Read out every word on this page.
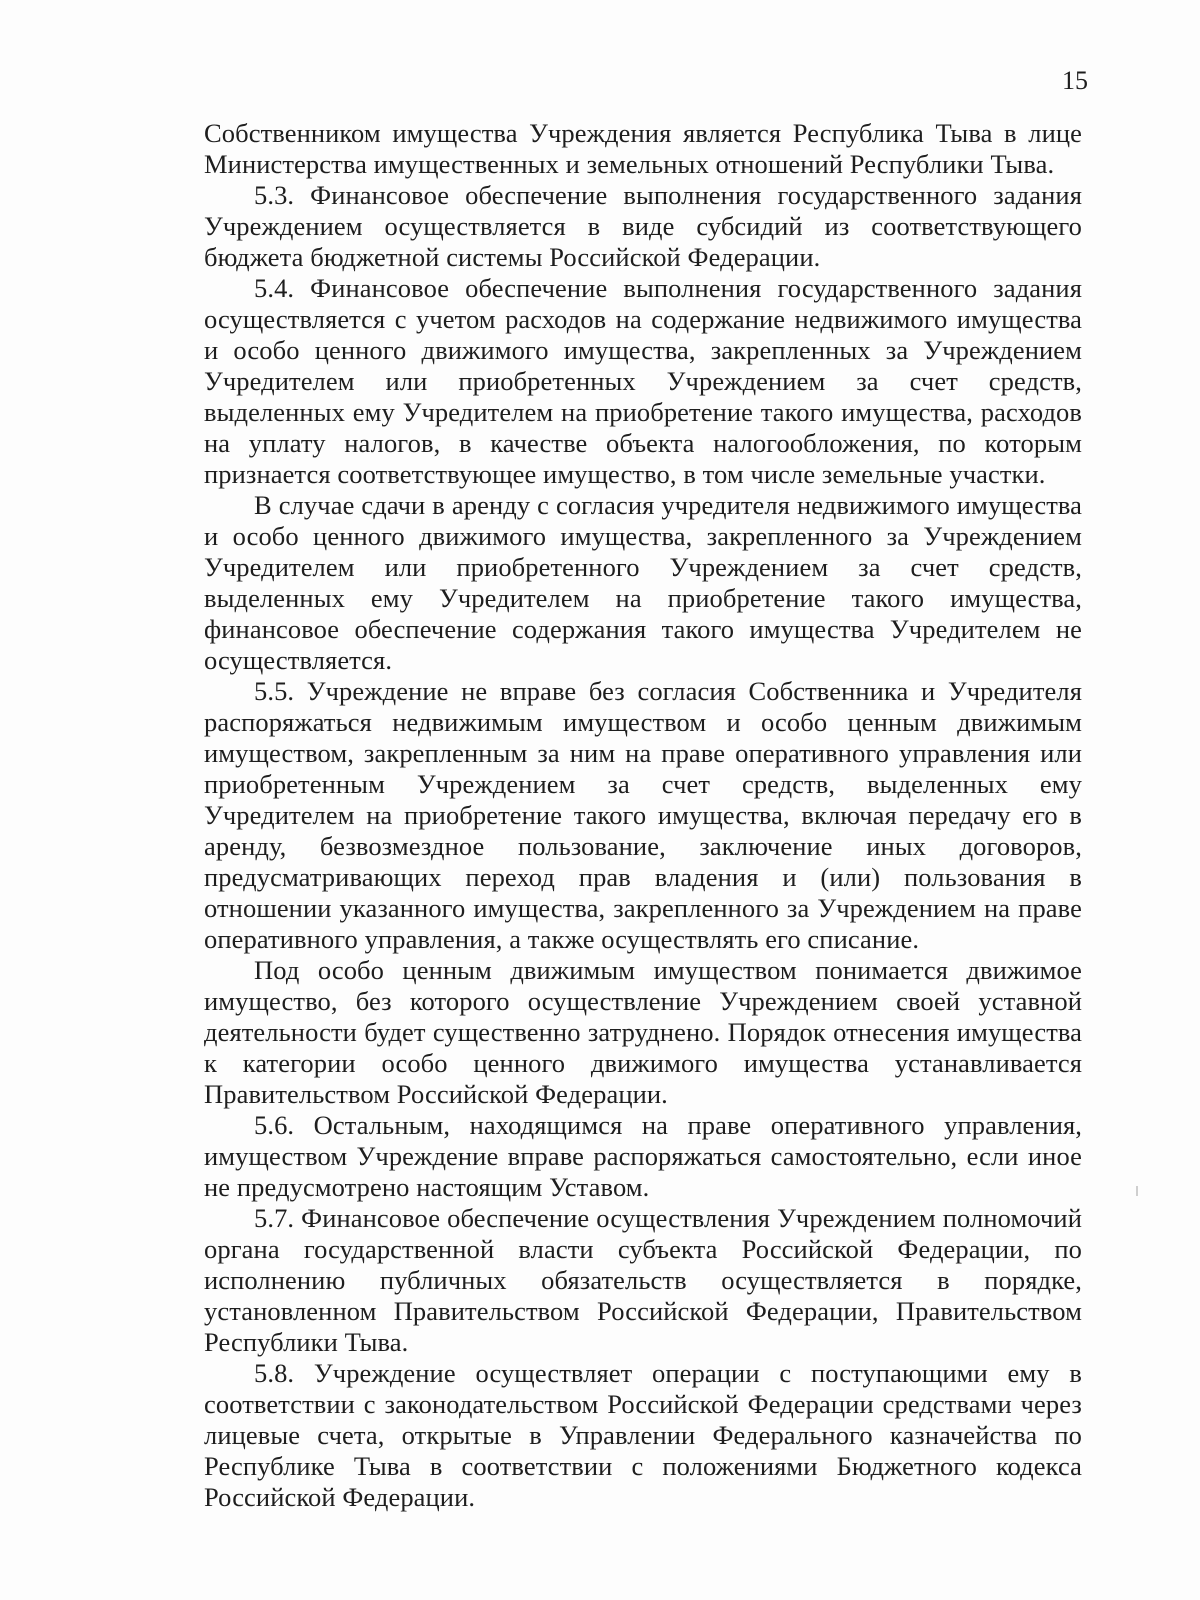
15

Собственником имущества Учреждения является Республика Тыва в лице Министерства имущественных и земельных отношений Республики Тыва.

5.3. Финансовое обеспечение выполнения государственного задания Учреждением осуществляется в виде субсидий из соответствующего бюджета бюджетной системы Российской Федерации.

5.4. Финансовое обеспечение выполнения государственного задания осуществляется с учетом расходов на содержание недвижимого имущества и особо ценного движимого имущества, закрепленных за Учреждением Учредителем или приобретенных Учреждением за счет средств, выделенных ему Учредителем на приобретение такого имущества, расходов на уплату налогов, в качестве объекта налогообложения, по которым признается соответствующее имущество, в том числе земельные участки.

В случае сдачи в аренду с согласия учредителя недвижимого имущества и особо ценного движимого имущества, закрепленного за Учреждением Учредителем или приобретенного Учреждением за счет средств, выделенных ему Учредителем на приобретение такого имущества, финансовое обеспечение содержания такого имущества Учредителем не осуществляется.

5.5. Учреждение не вправе без согласия Собственника и Учредителя распоряжаться недвижимым имуществом и особо ценным движимым имуществом, закрепленным за ним на праве оперативного управления или приобретенным Учреждением за счет средств, выделенных ему Учредителем на приобретение такого имущества, включая передачу его в аренду, безвозмездное пользование, заключение иных договоров, предусматривающих переход прав владения и (или) пользования в отношении указанного имущества, закрепленного за Учреждением на праве оперативного управления, а также осуществлять его списание.

Под особо ценным движимым имуществом понимается движимое имущество, без которого осуществление Учреждением своей уставной деятельности будет существенно затруднено. Порядок отнесения имущества к категории особо ценного движимого имущества устанавливается Правительством Российской Федерации.

5.6. Остальным, находящимся на праве оперативного управления, имуществом Учреждение вправе распоряжаться самостоятельно, если иное не предусмотрено настоящим Уставом.

5.7. Финансовое обеспечение осуществления Учреждением полномочий органа государственной власти субъекта Российской Федерации, по исполнению публичных обязательств осуществляется в порядке, установленном Правительством Российской Федерации, Правительством Республики Тыва.

5.8. Учреждение осуществляет операции с поступающими ему в соответствии с законодательством Российской Федерации средствами через лицевые счета, открытые в Управлении Федерального казначейства по Республике Тыва в соответствии с положениями Бюджетного кодекса Российской Федерации.
